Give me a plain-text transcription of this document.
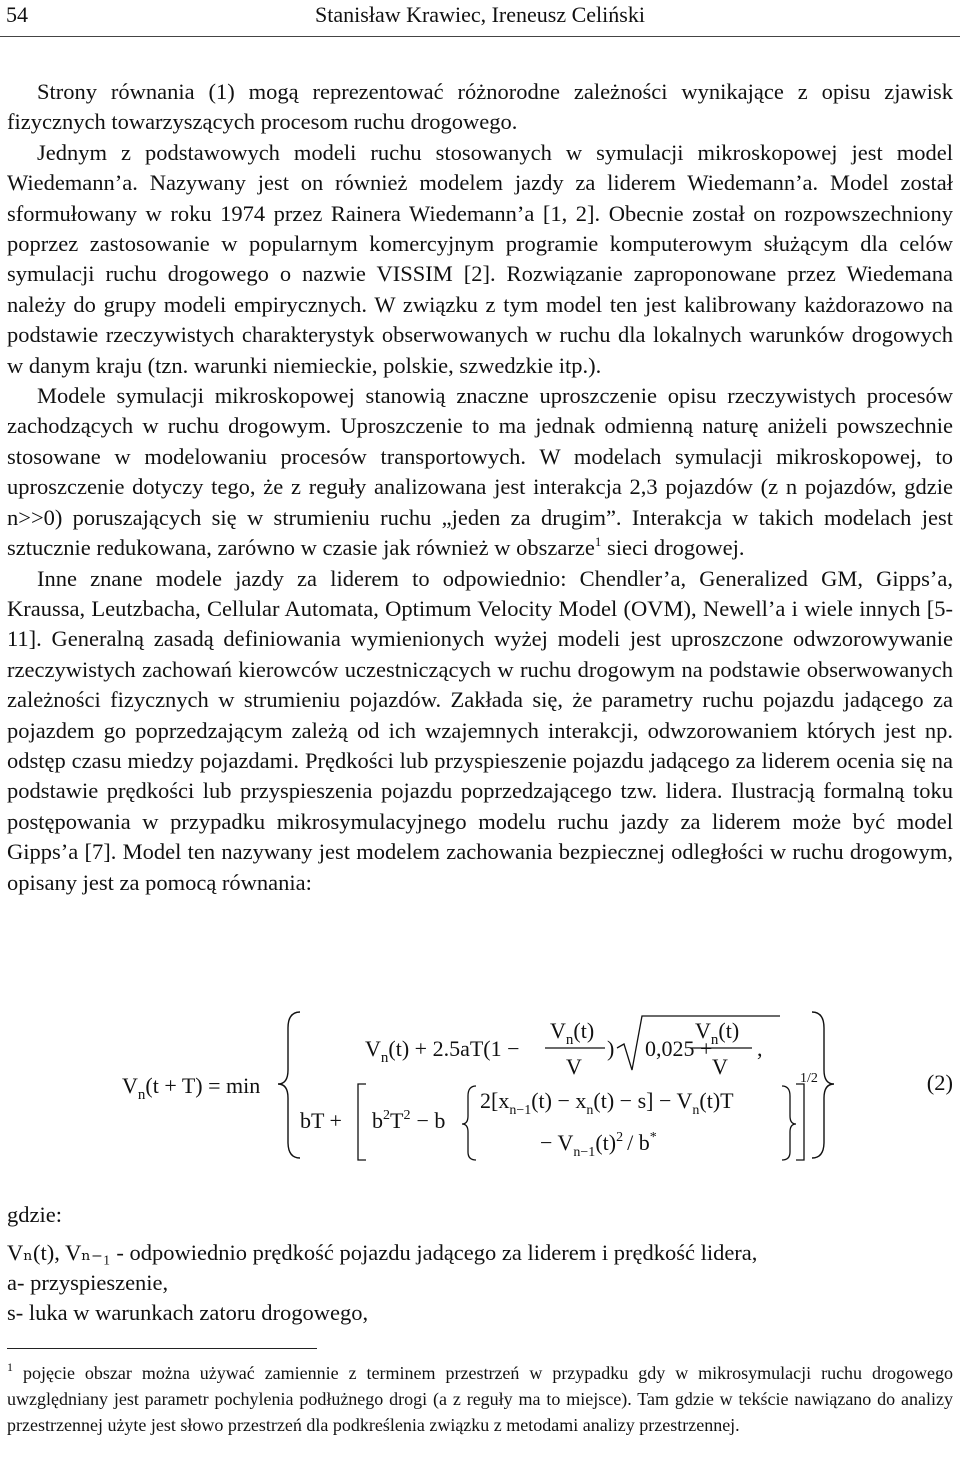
54	Stanisław Krawiec, Ireneusz Celiński

Strony równania (1) mogą reprezentować różnorodne zależności wynikające z opisu zjawisk fizycznych towarzyszących procesom ruchu drogowego.

Jednym z podstawowych modeli ruchu stosowanych w symulacji mikroskopowej jest model Wiedemann’a. Nazywany jest on również modelem jazdy za liderem Wiedemann’a. Model został sformułowany w roku 1974 przez Rainera Wiedemann’a [1, 2]. Obecnie został on rozpowszechniony poprzez zastosowanie w popularnym komercyjnym programie komputerowym służącym dla celów symulacji ruchu drogowego o nazwie VISSIM [2]. Rozwiązanie zaproponowane przez Wiedemana należy do grupy modeli empirycznych. W związku z tym model ten jest kalibrowany każdorazowo na podstawie rzeczywistych charakterystyk obserwowanych w ruchu dla lokalnych warunków drogowych w danym kraju (tzn. warunki niemieckie, polskie, szwedzkie itp.).

Modele symulacji mikroskopowej stanowią znaczne uproszczenie opisu rzeczywistych procesów zachodzących w ruchu drogowym. Uproszczenie to ma jednak odmienną naturę aniżeli powszechnie stosowane w modelowaniu procesów transportowych. W modelach symulacji mikroskopowej, to uproszczenie dotyczy tego, że z reguły analizowana jest interakcja 2,3 pojazdów (z n pojazdów, gdzie n>>0) poruszających się w strumieniu ruchu „jeden za drugim”. Interakcja w takich modelach jest sztucznie redukowana, zarówno w czasie jak również w obszarze$^1$ sieci drogowej.

Inne znane modele jazdy za liderem to odpowiednio: Chendler’a, Generalized GM, Gipps’a, Kraussa, Leutzbacha, Cellular Automata, Optimum Velocity Model (OVM), Newell’a i wiele innych [5-11]. Generalną zasadą definiowania wymienionych wyżej modeli jest uproszczone odwzorowywanie rzeczywistych zachowań kierowców uczestniczących w ruchu drogowym na podstawie obserwowanych zależności fizycznych w strumieniu pojazdów. Zakłada się, że parametry ruchu pojazdu jadącego za pojazdem go poprzedzającym zależą od ich wzajemnych interakcji, odwzorowaniem których jest np. odstęp czasu miedzy pojazdami. Prędkości lub przyspieszenie pojazdu jadącego za liderem ocenia się na podstawie prędkości lub przyspieszenia pojazdu poprzedzającego tzw. lidera. Ilustracją formalną toku postępowania w przypadku mikrosymulacyjnego modelu ruchu jazdy za liderem może być model Gipps’a [7]. Model ten nazywany jest modelem zachowania bezpiecznej odległości w ruchu drogowym, opisany jest za pomocą równania:

$V_n(t + T) = \min$
$V_n(t) + 2.5aT(1$ −
$V_n(t)$
V
) 0,025 +
$V_n(t)$
V
,
bT + $b^2T^2 - b$
$2[x_{n-1}(t) - x_n(t) - s] - V_n(t)T$
− $V_{n-1}(t)^2 / b^*$
1/2	(2)
gdzie:
Vₙ(t), Vₙ₋₁ - odpowiednio prędkość pojazdu jadącego za liderem i prędkość lidera,
a- przyspieszenie,
s- luka w warunkach zatoru drogowego,
$^1$ pojęcie obszar można używać zamiennie z terminem przestrzeń w przypadku gdy w mikrosymulacji ruchu drogowego uwzględniany jest parametr pochylenia podłużnego drogi (a z reguły ma to miejsce). Tam gdzie w tekście nawiązano do analizy przestrzennej użyte jest słowo przestrzeń dla podkreślenia związku z metodami analizy przestrzennej.
